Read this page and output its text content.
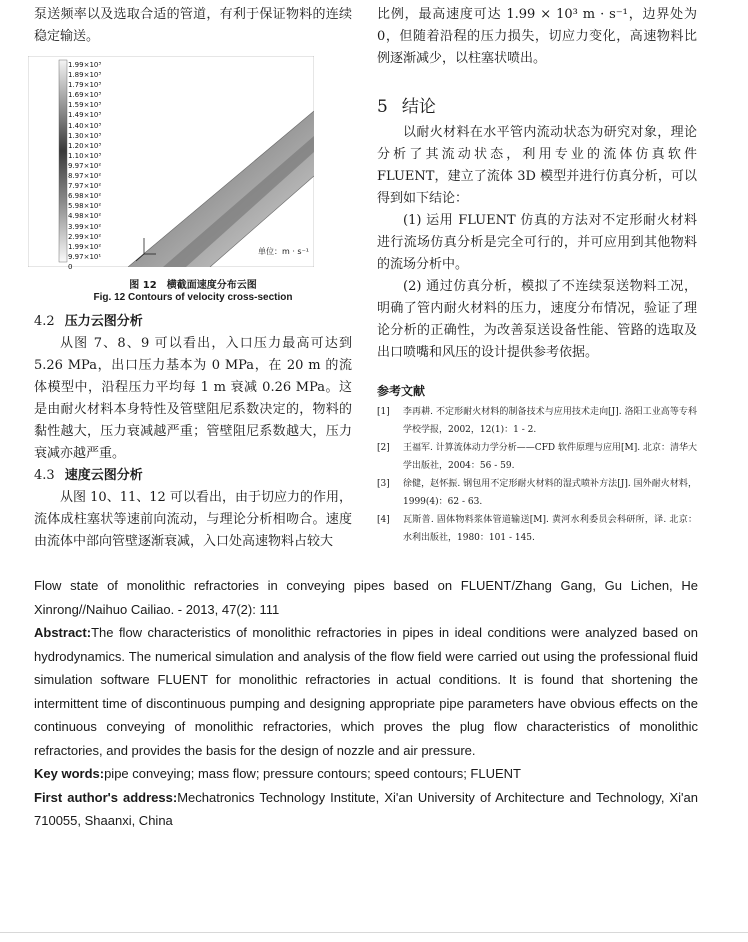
泵送频率以及选取合适的管道，有利于保证物料的连续稳定输送。

1.99×10³
1.89×10³
1.79×10³
1.69×10³
1.59×10³
1.49×10³
1.40×10³
1.30×10³
1.20×10³
1.10×10³
9.97×10²
8.97×10²
7.97×10²
6.98×10²
5.98×10²
4.98×10²
3.99×10²
2.99×10²
1.99×10²
9.97×10¹
0
单位：m · s⁻¹
图 12　横截面速度分布云图
Fig. 12 Contours of velocity cross-section
4.2 压力云图分析

从图 7、8、9 可以看出，入口压力最高可达到 5.26 MPa，出口压力基本为 0 MPa，在 20 m 的流体模型中，沿程压力平均每 1 m 衰减 0.26 MPa。这是由耐火材料本身特性及管壁阻尼系数决定的，物料的黏性越大，压力衰减越严重；管壁阻尼系数越大，压力衰减亦越严重。

4.3 速度云图分析

从图 10、11、12 可以看出，由于切应力的作用，流体成柱塞状等速前向流动，与理论分析相吻合。速度由流体中部向管壁逐渐衰减，入口处高速物料占较大

比例，最高速度可达 1.99 × 10³ m · s⁻¹，边界处为 0，但随着沿程的压力损失，切应力变化，高速物料比例逐渐减少，以柱塞状喷出。

5 结论

以耐火材料在水平管内流动状态为研究对象，理论分析了其流动状态，利用专业的流体仿真软件 FLUENT，建立了流体 3D 模型并进行仿真分析，可以得到如下结论：

(1) 运用 FLUENT 仿真的方法对不定形耐火材料进行流场仿真分析是完全可行的，并可应用到其他物料的流场分析中。

(2) 通过仿真分析，模拟了不连续泵送物料工况，明确了管内耐火材料的压力，速度分布情况，验证了理论分析的正确性，为改善泵送设备性能、管路的选取及出口喷嘴和风压的设计提供参考依据。

参考文献
[1]	李再耕. 不定形耐火材料的制备技术与应用技术走向[J]. 洛阳工业高等专科学校学报，2002，12(1)：1 - 2.
[2]	王福军. 计算流体动力学分析——CFD 软件原理与应用[M]. 北京：清华大学出版社，2004：56 - 59.
[3]	徐健，赵怀振. 钢包用不定形耐火材料的湿式喷补方法[J]. 国外耐火材料，1999(4)：62 - 63.
[4]	瓦斯普. 固体物料浆体管道输送[M]. 黄河水利委员会科研所，译. 北京：水利出版社，1980：101 - 145.

Flow state of monolithic refractories in conveying pipes based on FLUENT/Zhang Gang, Gu Lichen, He Xinrong//Naihuo Cailiao. - 2013, 47(2): 111

Abstract:The flow characteristics of monolithic refractories in pipes in ideal conditions were analyzed based on hydrodynamics. The numerical simulation and analysis of the flow field were carried out using the professional fluid simulation software FLUENT for monolithic refractories in actual conditions. It is found that shortening the intermittent time of discontinuous pumping and designing appropriate pipe parameters have obvious effects on the continuous conveying of monolithic refractories, which proves the plug flow characteristics of monolithic refractories, and provides the basis for the design of nozzle and air pressure.

Key words:pipe conveying; mass flow; pressure contours; speed contours; FLUENT

First author's address:Mechatronics Technology Institute, Xi'an University of Architecture and Technology, Xi'an 710055, Shaanxi, China
